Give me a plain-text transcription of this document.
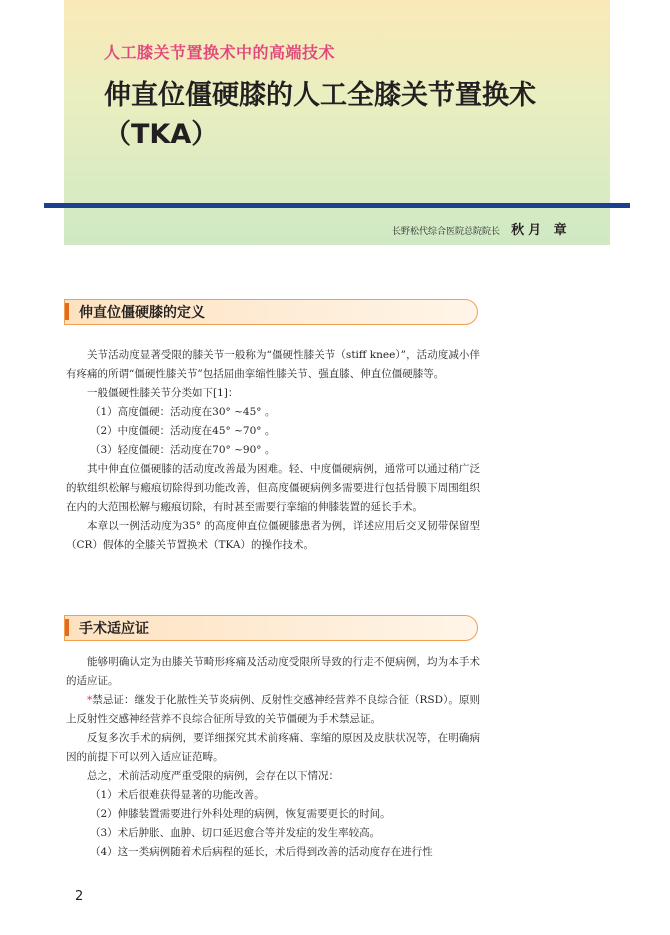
人工膝关节置换术中的高端技术
伸直位僵硬膝的人工全膝关节置换术（TKA）
长野松代综合医院总院院长 秋月 章
伸直位僵硬膝的定义

关节活动度显著受限的膝关节一般称为“僵硬性膝关节（stiff knee）”，活动度减小伴有疼痛的所谓“僵硬性膝关节”包括屈曲挛缩性膝关节、强直膝、伸直位僵硬膝等。

一般僵硬性膝关节分类如下[1]：

（1）高度僵硬：活动度在30° ~45° 。

（2）中度僵硬：活动度在45° ~70° 。

（3）轻度僵硬：活动度在70° ~90° 。

其中伸直位僵硬膝的活动度改善最为困难。轻、中度僵硬病例，通常可以通过稍广泛的软组织松解与瘢痕切除得到功能改善，但高度僵硬病例多需要进行包括骨膜下周围组织在内的大范围松解与瘢痕切除，有时甚至需要行挛缩的伸膝装置的延长手术。

本章以一例活动度为35° 的高度伸直位僵硬膝患者为例，详述应用后交叉韧带保留型（CR）假体的全膝关节置换术（TKA）的操作技术。

手术适应证

能够明确认定为由膝关节畸形疼痛及活动度受限所导致的行走不便病例，均为本手术的适应证。

*禁忌证：继发于化脓性关节炎病例、反射性交感神经营养不良综合征（RSD）。原则上反射性交感神经营养不良综合征所导致的关节僵硬为手术禁忌证。

反复多次手术的病例，要详细探究其术前疼痛、挛缩的原因及皮肤状况等，在明确病因的前提下可以列入适应证范畴。

总之，术前活动度严重受限的病例，会存在以下情况：

（1）术后很难获得显著的功能改善。

（2）伸膝装置需要进行外科处理的病例，恢复需要更长的时间。

（3）术后肿胀、血肿、切口延迟愈合等并发症的发生率较高。

（4）这一类病例随着术后病程的延长，术后得到改善的活动度存在进行性

2
